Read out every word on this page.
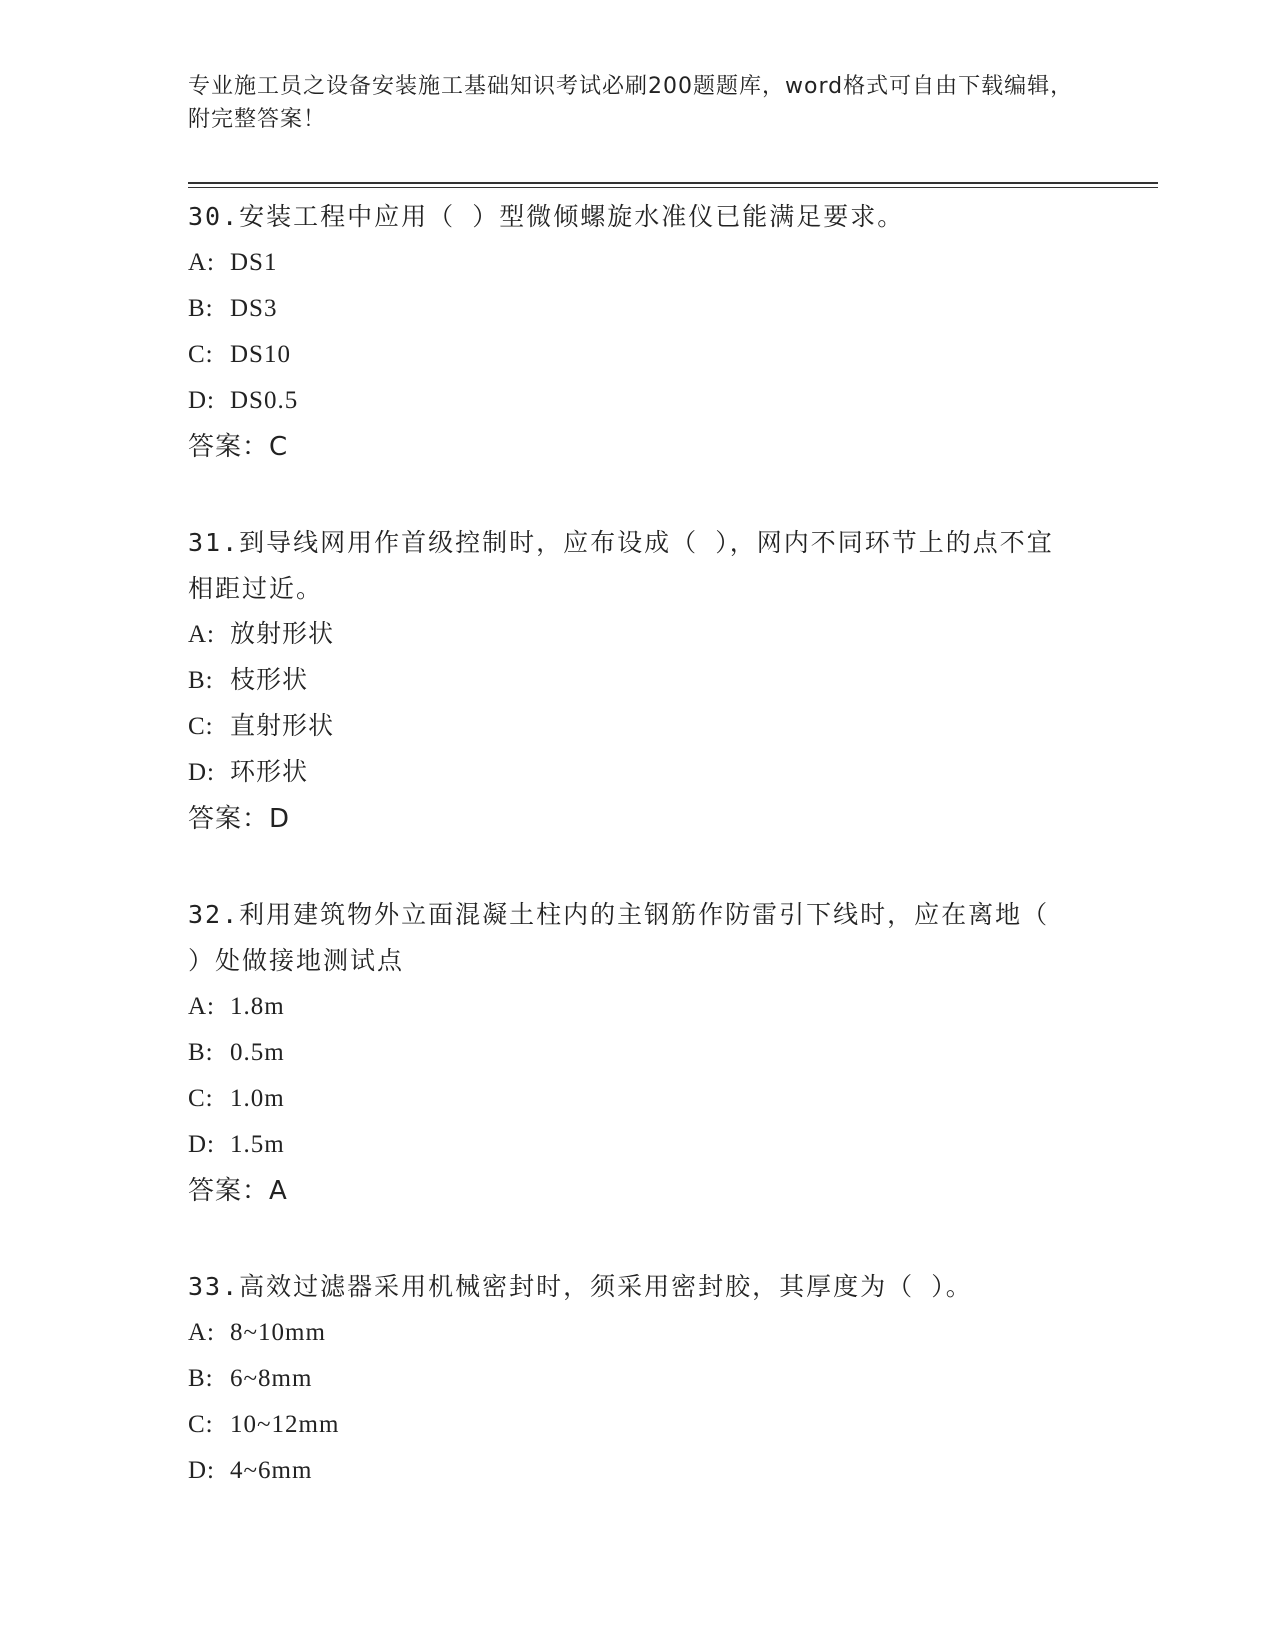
专业施工员之设备安装施工基础知识考试必刷200题题库，word格式可自由下载编辑，附完整答案！

30.安装工程中应用（ ）型微倾螺旋水准仪已能满足要求。

A: DS1

B: DS3

C: DS10

D: DS0.5

答案：C

31.到导线网用作首级控制时，应布设成（ ），网内不同环节上的点不宜相距过近。

A: 放射形状

B: 枝形状

C: 直射形状

D: 环形状

答案：D

32.利用建筑物外立面混凝土柱内的主钢筋作防雷引下线时，应在离地（ ）处做接地测试点

A: 1.8m

B: 0.5m

C: 1.0m

D: 1.5m

答案：A

33.高效过滤器采用机械密封时，须采用密封胶，其厚度为（ ）。

A: 8~10mm

B: 6~8mm

C: 10~12mm

D: 4~6mm
